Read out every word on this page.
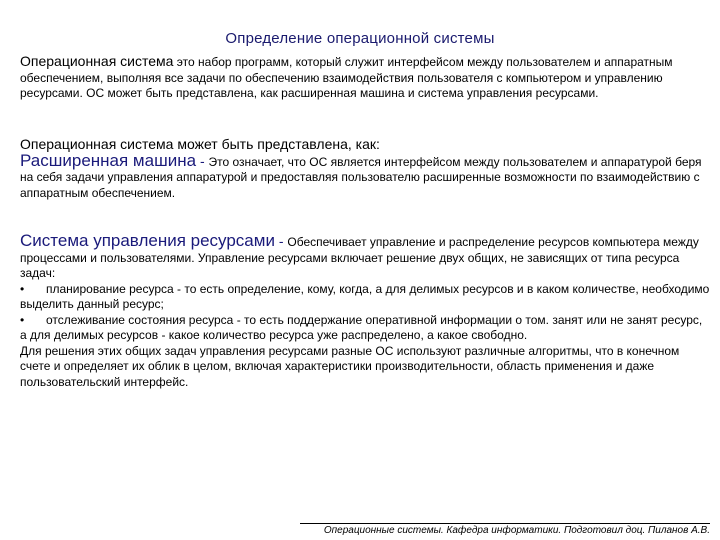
Определение операционной системы
Операционная система это набор программ, который служит интерфейсом между пользователем и аппаратным обеспечением, выполняя все задачи по обеспечению взаимодействия пользователя с компьютером и управлению ресурсами. ОС может быть представлена, как расширенная машина и система управления ресурсами.
Операционная система может быть представлена, как:
Расширенная машина - Это означает, что ОС является интерфейсом между пользователем и аппаратурой беря на себя задачи управления аппаратурой и предоставляя пользователю расширенные возможности по взаимодействию с аппаратным обеспечением.
Система управления ресурсами - Обеспечивает управление и распределение ресурсов компьютера между процессами и пользователями. Управление ресурсами включает решение двух общих, не зависящих от типа ресурса задач:
• планирование ресурса - то есть определение, кому, когда, а для делимых ресурсов и в каком количестве, необходимо выделить данный ресурс;
• отслеживание состояния ресурса - то есть поддержание оперативной информации о том. занят или не занят ресурс, а для делимых ресурсов - какое количество ресурса уже распределено, а какое свободно.
Для решения этих общих задач управления ресурсами разные ОС используют различные алгоритмы, что в конечном счете и определяет их облик в целом, включая характеристики производительности, область применения и даже пользовательский интерфейс.
Операционные системы. Кафедра информатики. Подготовил доц. Пиланов А.В.
